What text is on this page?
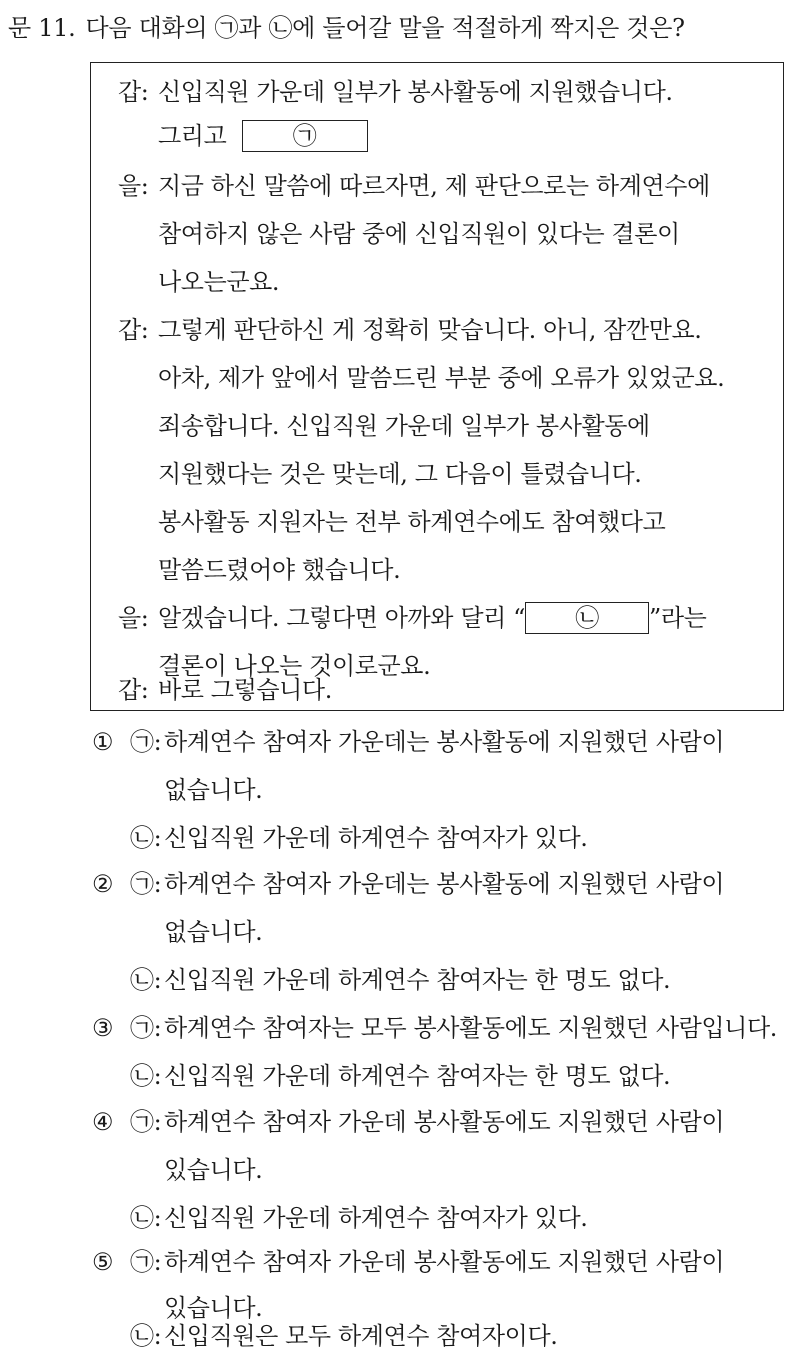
문 11. 다음 대화의 ㉠과 ㉡에 들어갈 말을 적절하게 짝지은 것은?
갑: 신입직원 가운데 일부가 봉사활동에 지원했습니다.
그리고	㉠
을: 지금 하신 말씀에 따르자면, 제 판단으로는 하계연수에
참여하지 않은 사람 중에 신입직원이 있다는 결론이
나오는군요.
갑: 그렇게 판단하신 게 정확히 맞습니다. 아니, 잠깐만요.
아차, 제가 앞에서 말씀드린 부분 중에 오류가 있었군요.
죄송합니다. 신입직원 가운데 일부가 봉사활동에
지원했다는 것은 맞는데, 그 다음이 틀렸습니다.
봉사활동 지원자는 전부 하계연수에도 참여했다고
말씀드렸어야 했습니다.
을: 알겠습니다. 그렇다면 아까와 달리 “ ㉡ ”라는
결론이 나오는 것이로군요.
갑: 바로 그렇습니다.
① ㉠: 하계연수 참여자 가운데는 봉사활동에 지원했던 사람이
없습니다.
㉡: 신입직원 가운데 하계연수 참여자가 있다.
② ㉠: 하계연수 참여자 가운데는 봉사활동에 지원했던 사람이
없습니다.
㉡: 신입직원 가운데 하계연수 참여자는 한 명도 없다.
③ ㉠: 하계연수 참여자는 모두 봉사활동에도 지원했던 사람입니다.
㉡: 신입직원 가운데 하계연수 참여자는 한 명도 없다.
④ ㉠: 하계연수 참여자 가운데 봉사활동에도 지원했던 사람이
있습니다.
㉡: 신입직원 가운데 하계연수 참여자가 있다.
⑤ ㉠: 하계연수 참여자 가운데 봉사활동에도 지원했던 사람이
있습니다.
㉡: 신입직원은 모두 하계연수 참여자이다.
